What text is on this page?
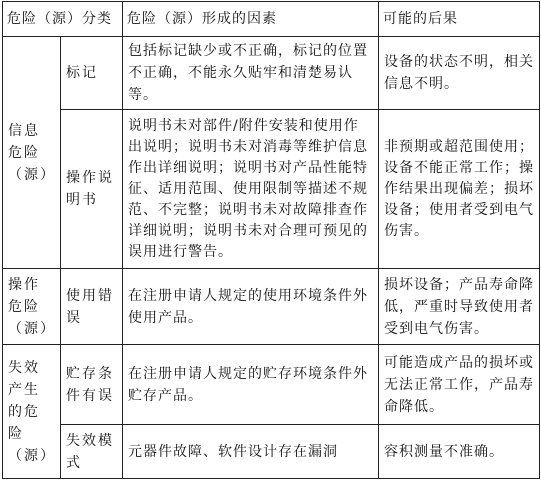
危险（源）分类		危险（源）形成的因素	可能的后果
信息危险（源）	标记	包括标记缺少或不正确，标记的位置不正确，不能永久贴牢和清楚易认等。	设备的状态不明，相关信息不明。
	操作说明书	说明书未对部件/附件安装和使用作出说明；说明书未对消毒等维护信息作出详细说明；说明书对产品性能特征、适用范围、使用限制等描述不规范、不完整；说明书未对故障排查作详细说明；说明书未对合理可预见的误用进行警告。	非预期或超范围使用；设备不能正常工作；操作结果出现偏差；损坏设备；使用者受到电气伤害。
操作危险（源）	使用错误	在注册申请人规定的使用环境条件外使用产品。	损坏设备；产品寿命降低，严重时导致使用者受到电气伤害。
失效产生的危险（源）	贮存条件有误	在注册申请人规定的贮存环境条件外贮存产品。	可能造成产品的损坏或无法正常工作，产品寿命降低。
	失效模式	元器件故障、软件设计存在漏洞	容积测量不准确。
